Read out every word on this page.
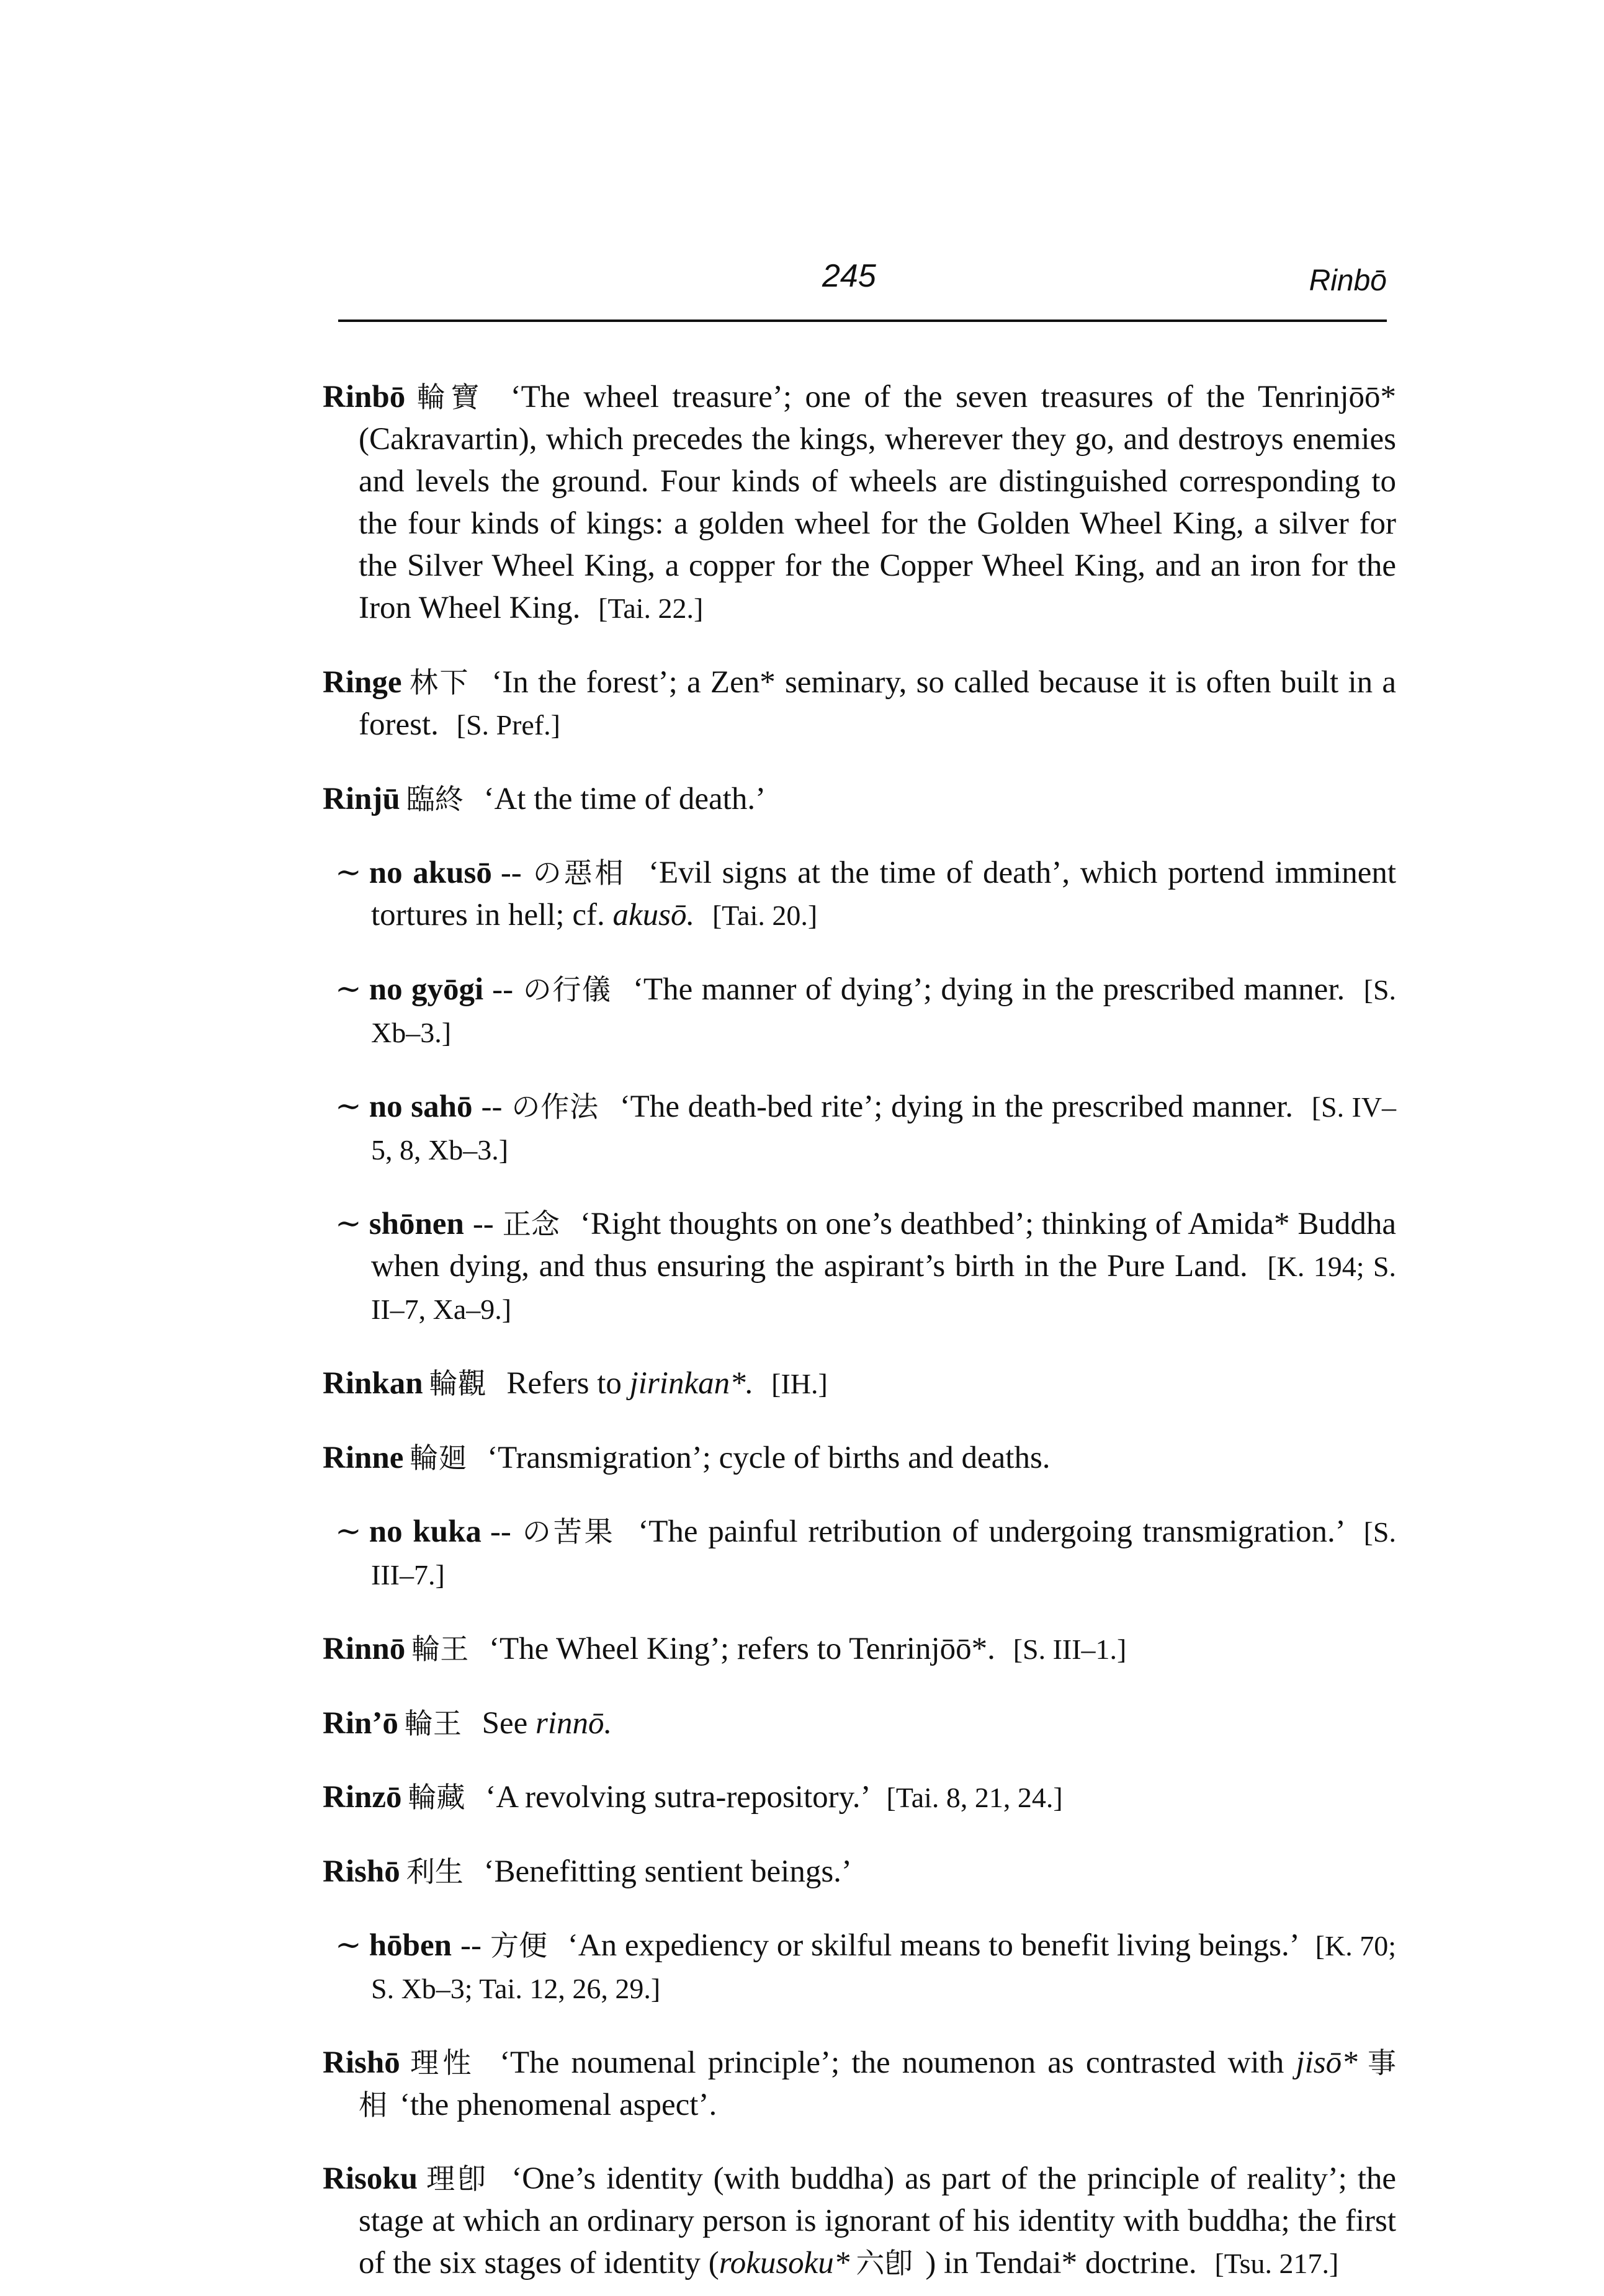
245	Rinbō

Rinbō 輪寶 ‘The wheel treasure’; one of the seven treasures of the Tenrinjōō* (Cakravartin), which precedes the kings, wherever they go, and destroys enemies and levels the ground. Four kinds of wheels are distinguished corresponding to the four kinds of kings: a golden wheel for the Golden Wheel King, a silver for the Silver Wheel King, a copper for the Copper Wheel King, and an iron for the Iron Wheel King. [Tai. 22.]

Ringe 林下 ‘In the forest’; a Zen* seminary, so called because it is often built in a forest. [S. Pref.]

Rinjū 臨終 ‘At the time of death.’

∼ no akusō -- の惡相 ‘Evil signs at the time of death’, which portend imminent tortures in hell; cf. akusō. [Tai. 20.]

∼ no gyōgi -- の行儀 ‘The manner of dying’; dying in the prescribed manner. [S. Xb–3.]

∼ no sahō -- の作法 ‘The death-bed rite’; dying in the prescribed manner. [S. IV–5, 8, Xb–3.]

∼ shōnen -- 正念 ‘Right thoughts on one’s deathbed’; thinking of Amida* Buddha when dying, and thus ensuring the aspirant’s birth in the Pure Land. [K. 194; S. II–7, Xa–9.]

Rinkan 輪觀 Refers to jirinkan*. [IH.]

Rinne 輪廻 ‘Transmigration’; cycle of births and deaths.

∼ no kuka -- の苦果 ‘The painful retribution of undergoing transmigration.’ [S. III–7.]

Rinnō 輪王 ‘The Wheel King’; refers to Tenrinjōō*. [S. III–1.]

Rin’ō 輪王 See rinnō.

Rinzō 輪藏 ‘A revolving sutra-repository.’ [Tai. 8, 21, 24.]

Rishō 利生 ‘Benefitting sentient beings.’

∼ hōben -- 方便 ‘An expediency or skilful means to benefit living beings.’ [K. 70; S. Xb–3; Tai. 12, 26, 29.]

Rishō 理性 ‘The noumenal principle’; the noumenon as contrasted with jisō* 事相 ‘the phenomenal aspect’.

Risoku 理卽 ‘One’s identity (with buddha) as part of the principle of reality’; the stage at which an ordinary person is ignorant of his identity with buddha; the first of the six stages of identity (rokusoku* 六卽 ) in Tendai* doctrine. [Tsu. 217.]
